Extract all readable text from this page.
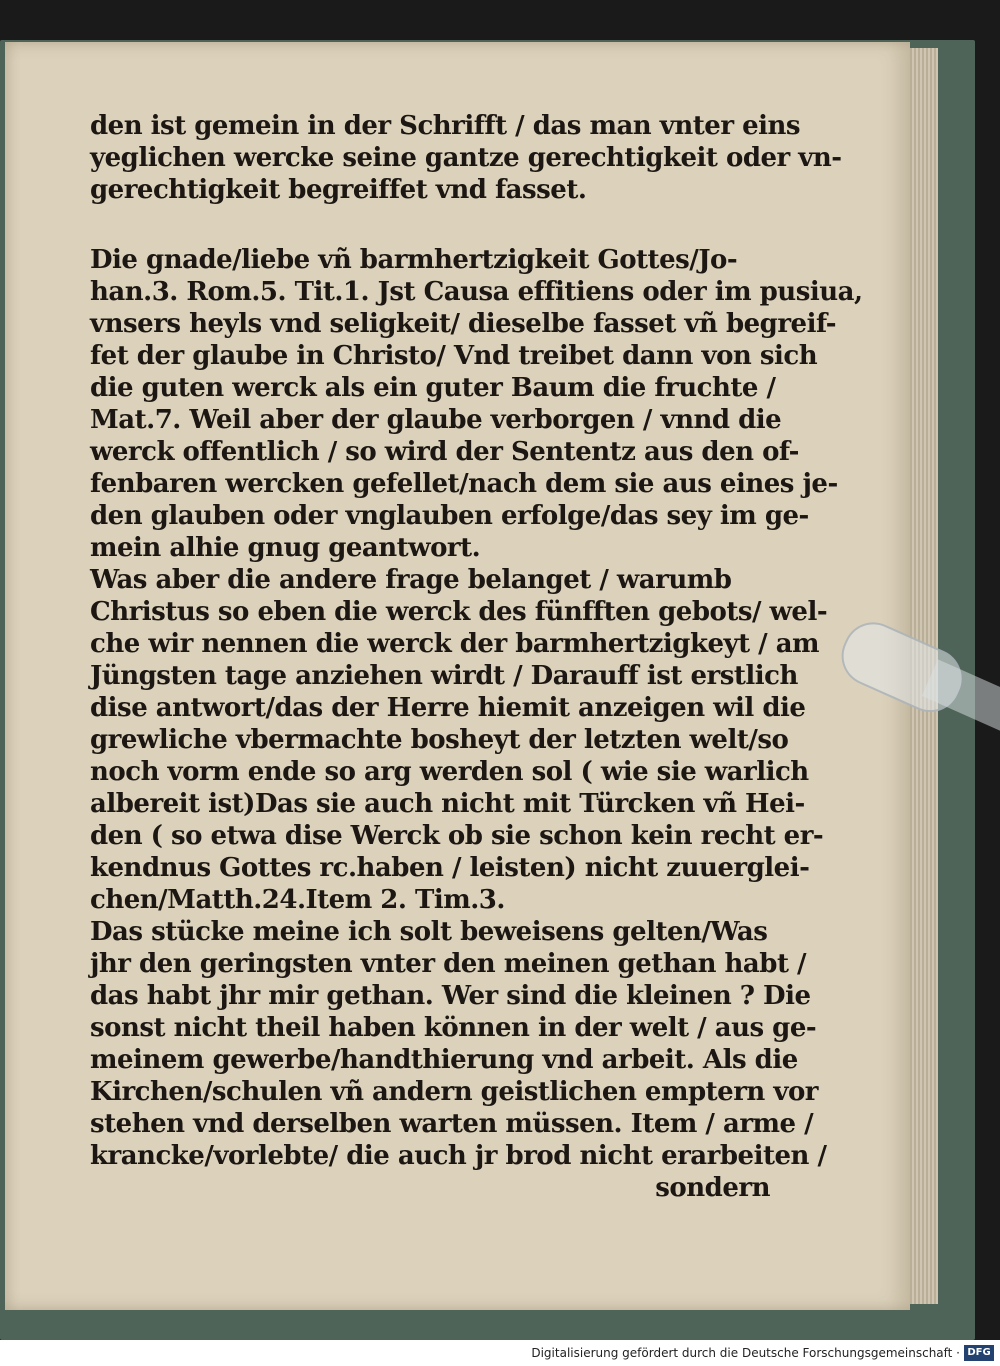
den ist gemein in der Schrifft / das man vnter eins

yeglichen wercke seine gantze gerechtigkeit oder vn-

gerechtigkeit begreiffet vnd fasset.

Die gnade/liebe vñ barmhertzigkeit Gottes/Jo-

han.3. Rom.5. Tit.1. Jst Causa effitiens oder im pusiua,

vnsers heyls vnd seligkeit/ dieselbe fasset vñ begreif-

fet der glaube in Christo/ Vnd treibet dann von sich

die guten werck als ein guter Baum die fruchte /

Mat.7. Weil aber der glaube verborgen / vnnd die

werck offentlich / so wird der Sententz aus den of-

fenbaren wercken gefellet/nach dem sie aus eines je-

den glauben oder vnglauben erfolge/das sey im ge-

mein alhie gnug geantwort.

Was aber die andere frage belanget / warumb

Christus so eben die werck des fünfften gebots/ wel-

che wir nennen die werck der barmhertzigkeyt / am

Jüngsten tage anziehen wirdt / Darauff ist erstlich

dise antwort/das der Herre hiemit anzeigen wil die

grewliche vbermachte bosheyt der letzten welt/so

noch vorm ende so arg werden sol ( wie sie warlich

albereit ist)Das sie auch nicht mit Türcken vñ Hei-

den ( so etwa dise Werck ob sie schon kein recht er-

kendnus Gottes rc.haben / leisten) nicht zuuerglei-

chen/Matth.24.Item 2. Tim.3.

Das stücke meine ich solt beweisens gelten/Was

jhr den geringsten vnter den meinen gethan habt /

das habt jhr mir gethan. Wer sind die kleinen ? Die

sonst nicht theil haben können in der welt / aus ge-

meinem gewerbe/handthierung vnd arbeit. Als die

Kirchen/schulen vñ andern geistlichen emptern vor

stehen vnd derselben warten müssen. Item / arme /

krancke/vorlebte/ die auch jr brod nicht erarbeiten /

sondern

Digitalisierung gefördert durch die Deutsche Forschungsgemeinschaft · DFG
